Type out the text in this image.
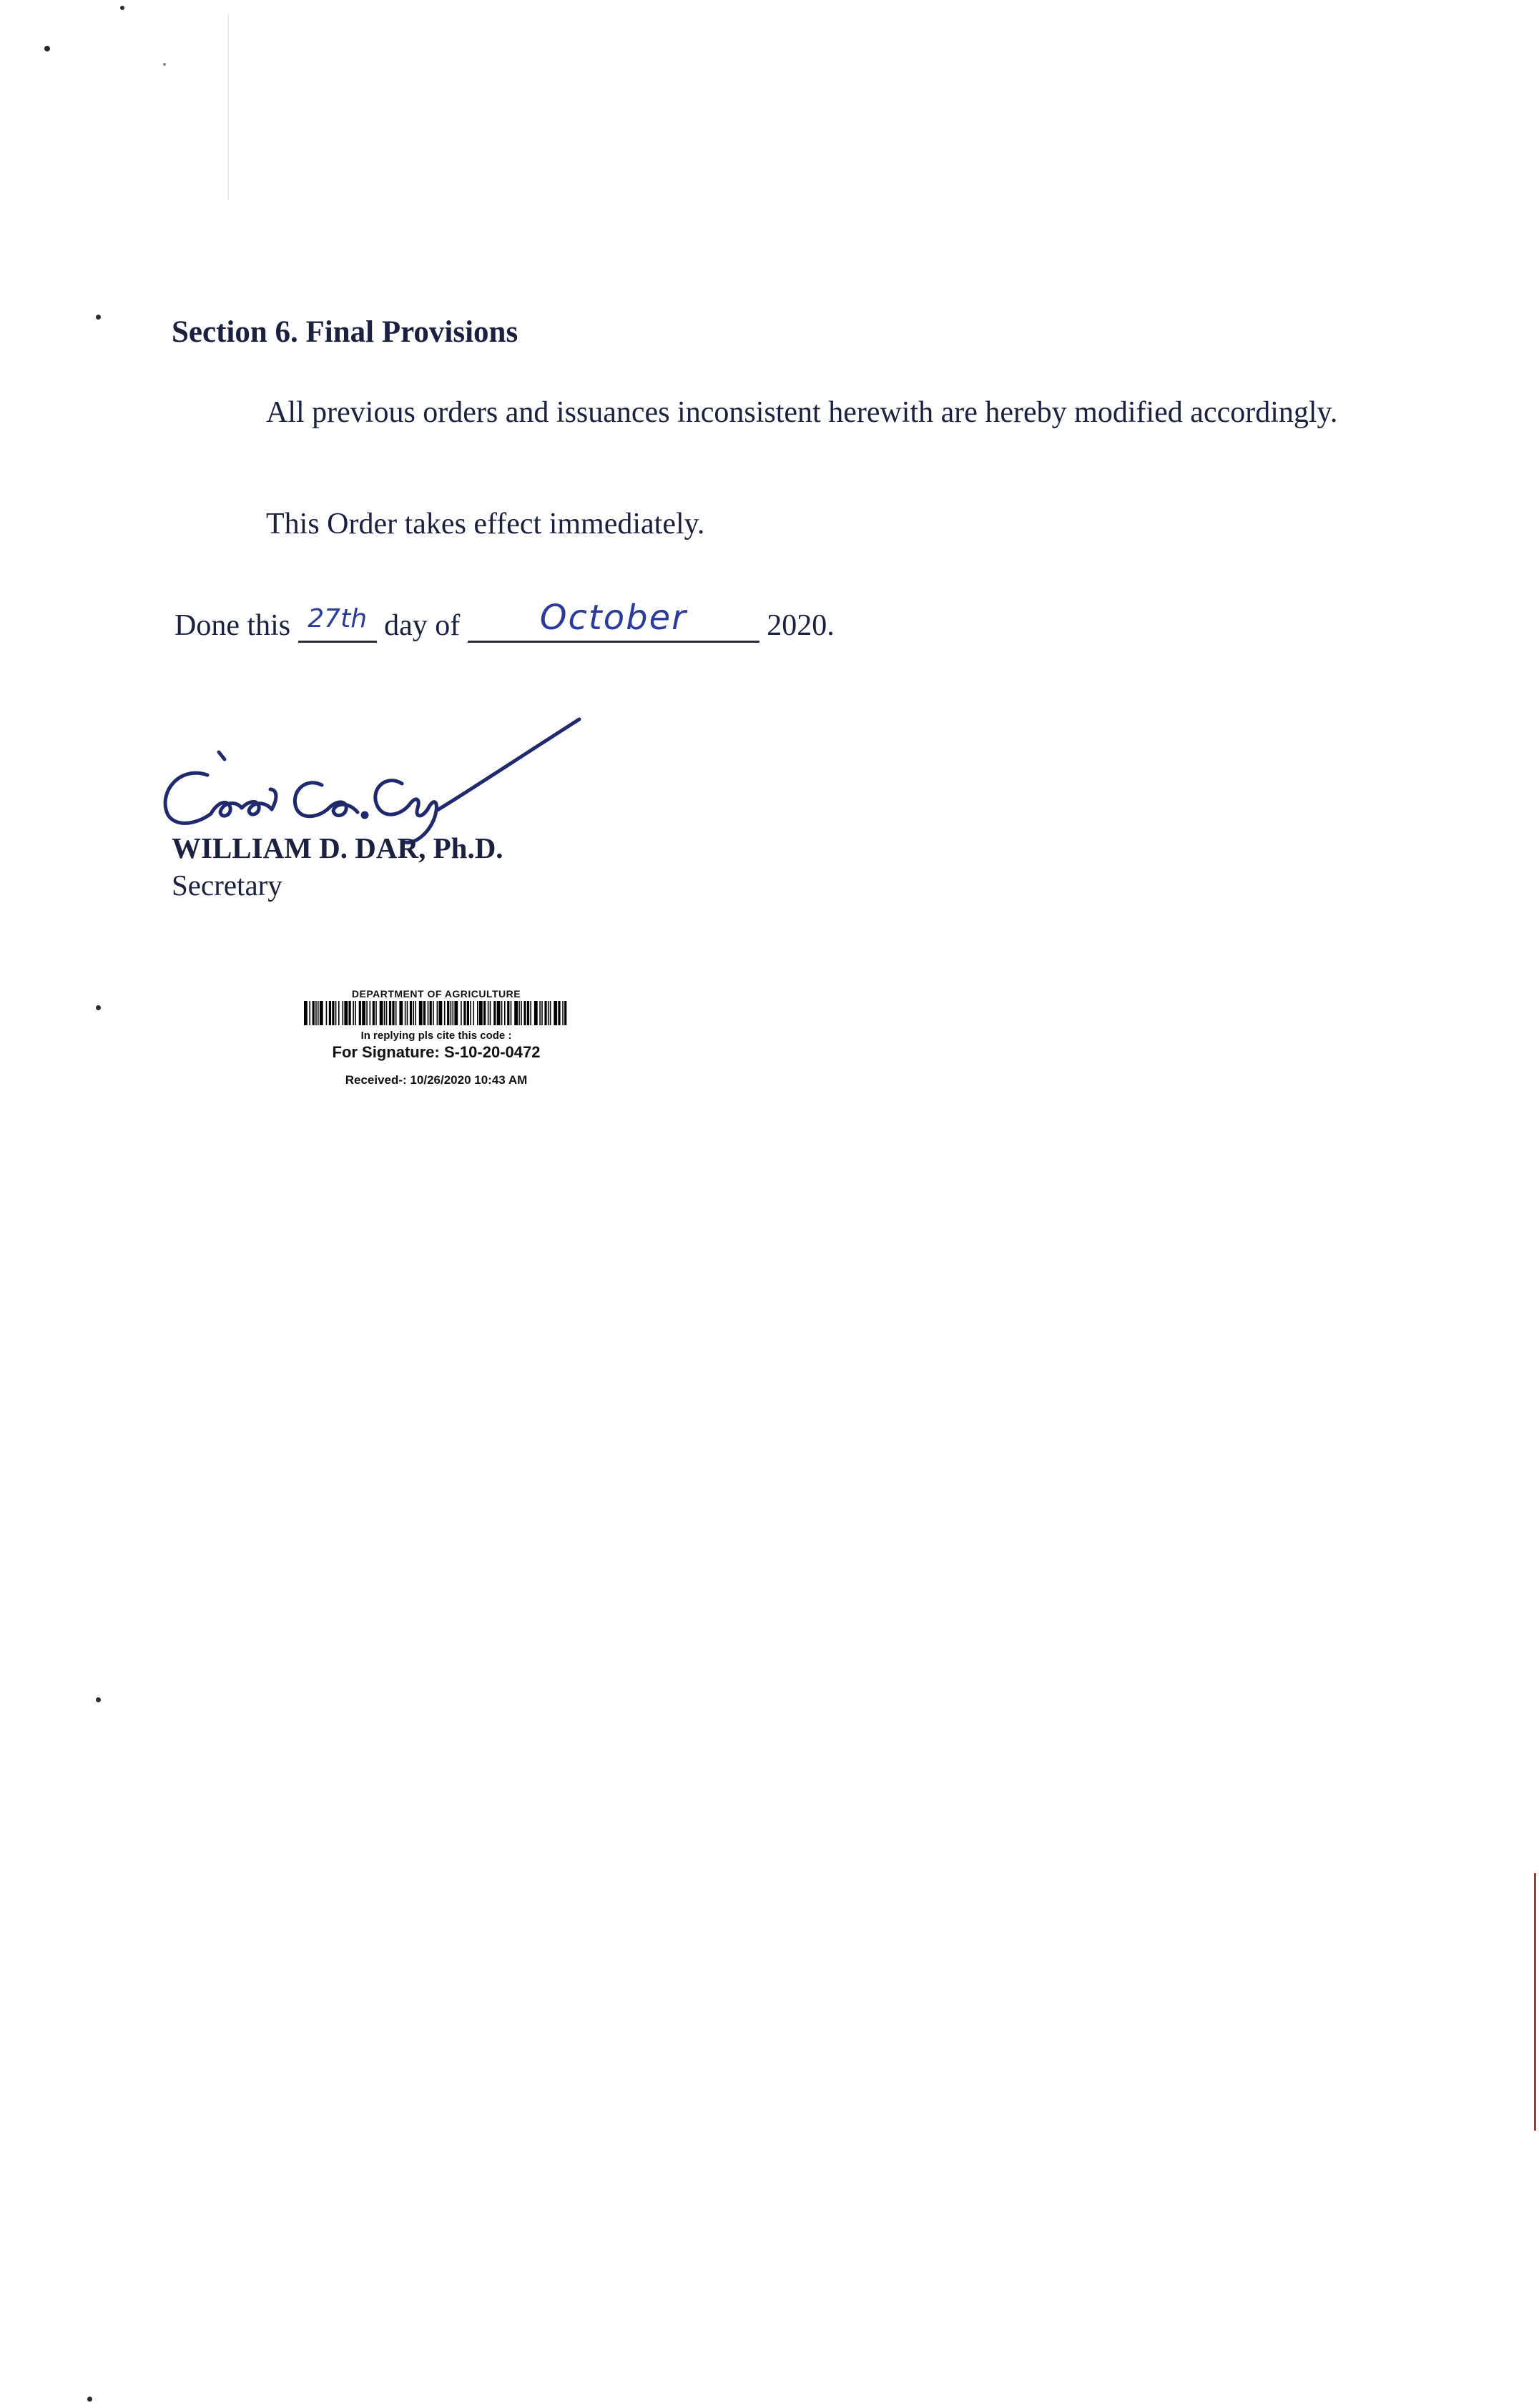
Section 6. Final Provisions
All previous orders and issuances inconsistent herewith are hereby modified accordingly.
This Order takes effect immediately.
Done this 27th day of	October	2020.
WILLIAM D. DAR, Ph.D.
Secretary
DEPARTMENT OF AGRICULTURE
In replying pls cite this code :
For Signature: S-10-20-0472
Received-: 10/26/2020 10:43 AM
